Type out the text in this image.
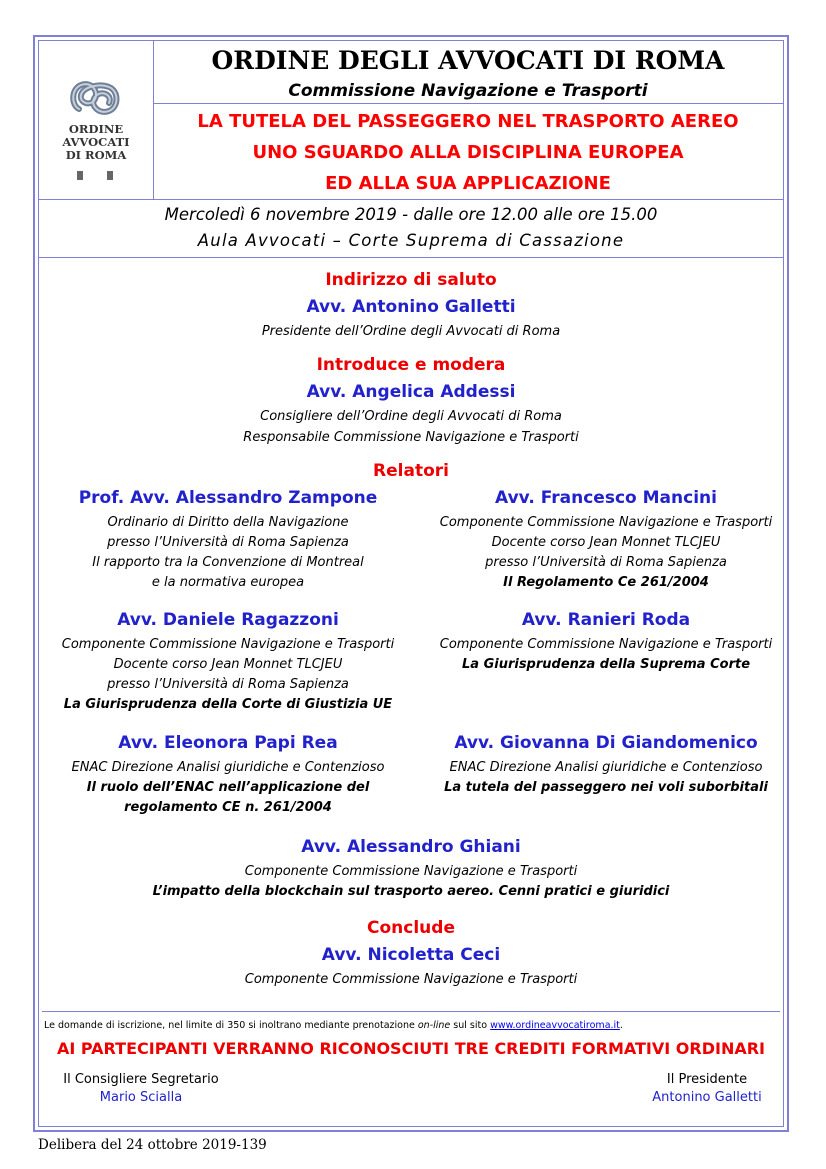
ORDINE
AVVOCATI
DI ROMA
ORDINE DEGLI AVVOCATI DI ROMA
Commissione Navigazione e Trasporti
LA TUTELA DEL PASSEGGERO NEL TRASPORTO AEREO
UNO SGUARDO ALLA DISCIPLINA EUROPEA
ED ALLA SUA APPLICAZIONE
Mercoledì 6 novembre 2019 - dalle ore 12.00 alle ore 15.00
Aula Avvocati – Corte Suprema di Cassazione
Indirizzo di saluto
Avv. Antonino Galletti
Presidente dell’Ordine degli Avvocati di Roma
Introduce e modera
Avv. Angelica Addessi
Consigliere dell’Ordine degli Avvocati di Roma
Responsabile Commissione Navigazione e Trasporti
Relatori
Prof. Avv. Alessandro Zampone
Ordinario di Diritto della Navigazione
presso l’Università di Roma Sapienza
Il rapporto tra la Convenzione di Montreal
e la normativa europea
Avv. Francesco Mancini
Componente Commissione Navigazione e Trasporti
Docente corso Jean Monnet TLCJEU
presso l’Università di Roma Sapienza
Il Regolamento Ce 261/2004
Avv. Daniele Ragazzoni
Componente Commissione Navigazione e Trasporti
Docente corso Jean Monnet TLCJEU
presso l’Università di Roma Sapienza
La Giurisprudenza della Corte di Giustizia UE
Avv. Ranieri Roda
Componente Commissione Navigazione e Trasporti
La Giurisprudenza della Suprema Corte
Avv. Eleonora Papi Rea
ENAC Direzione Analisi giuridiche e Contenzioso
Il ruolo dell’ENAC nell’applicazione del
regolamento CE n. 261/2004
Avv. Giovanna Di Giandomenico
ENAC Direzione Analisi giuridiche e Contenzioso
La tutela del passeggero nei voli suborbitali
Avv. Alessandro Ghiani
Componente Commissione Navigazione e Trasporti
L’impatto della blockchain sul trasporto aereo. Cenni pratici e giuridici
Conclude
Avv. Nicoletta Ceci
Componente Commissione Navigazione e Trasporti
Le domande di iscrizione, nel limite di 350 si inoltrano mediante prenotazione on-line sul sito www.ordineavvocatiroma.it.
AI PARTECIPANTI VERRANNO RICONOSCIUTI TRE CREDITI FORMATIVI ORDINARI
Il Consigliere Segretario
Mario Scialla
Il Presidente
Antonino Galletti
Delibera del 24 ottobre 2019-139
